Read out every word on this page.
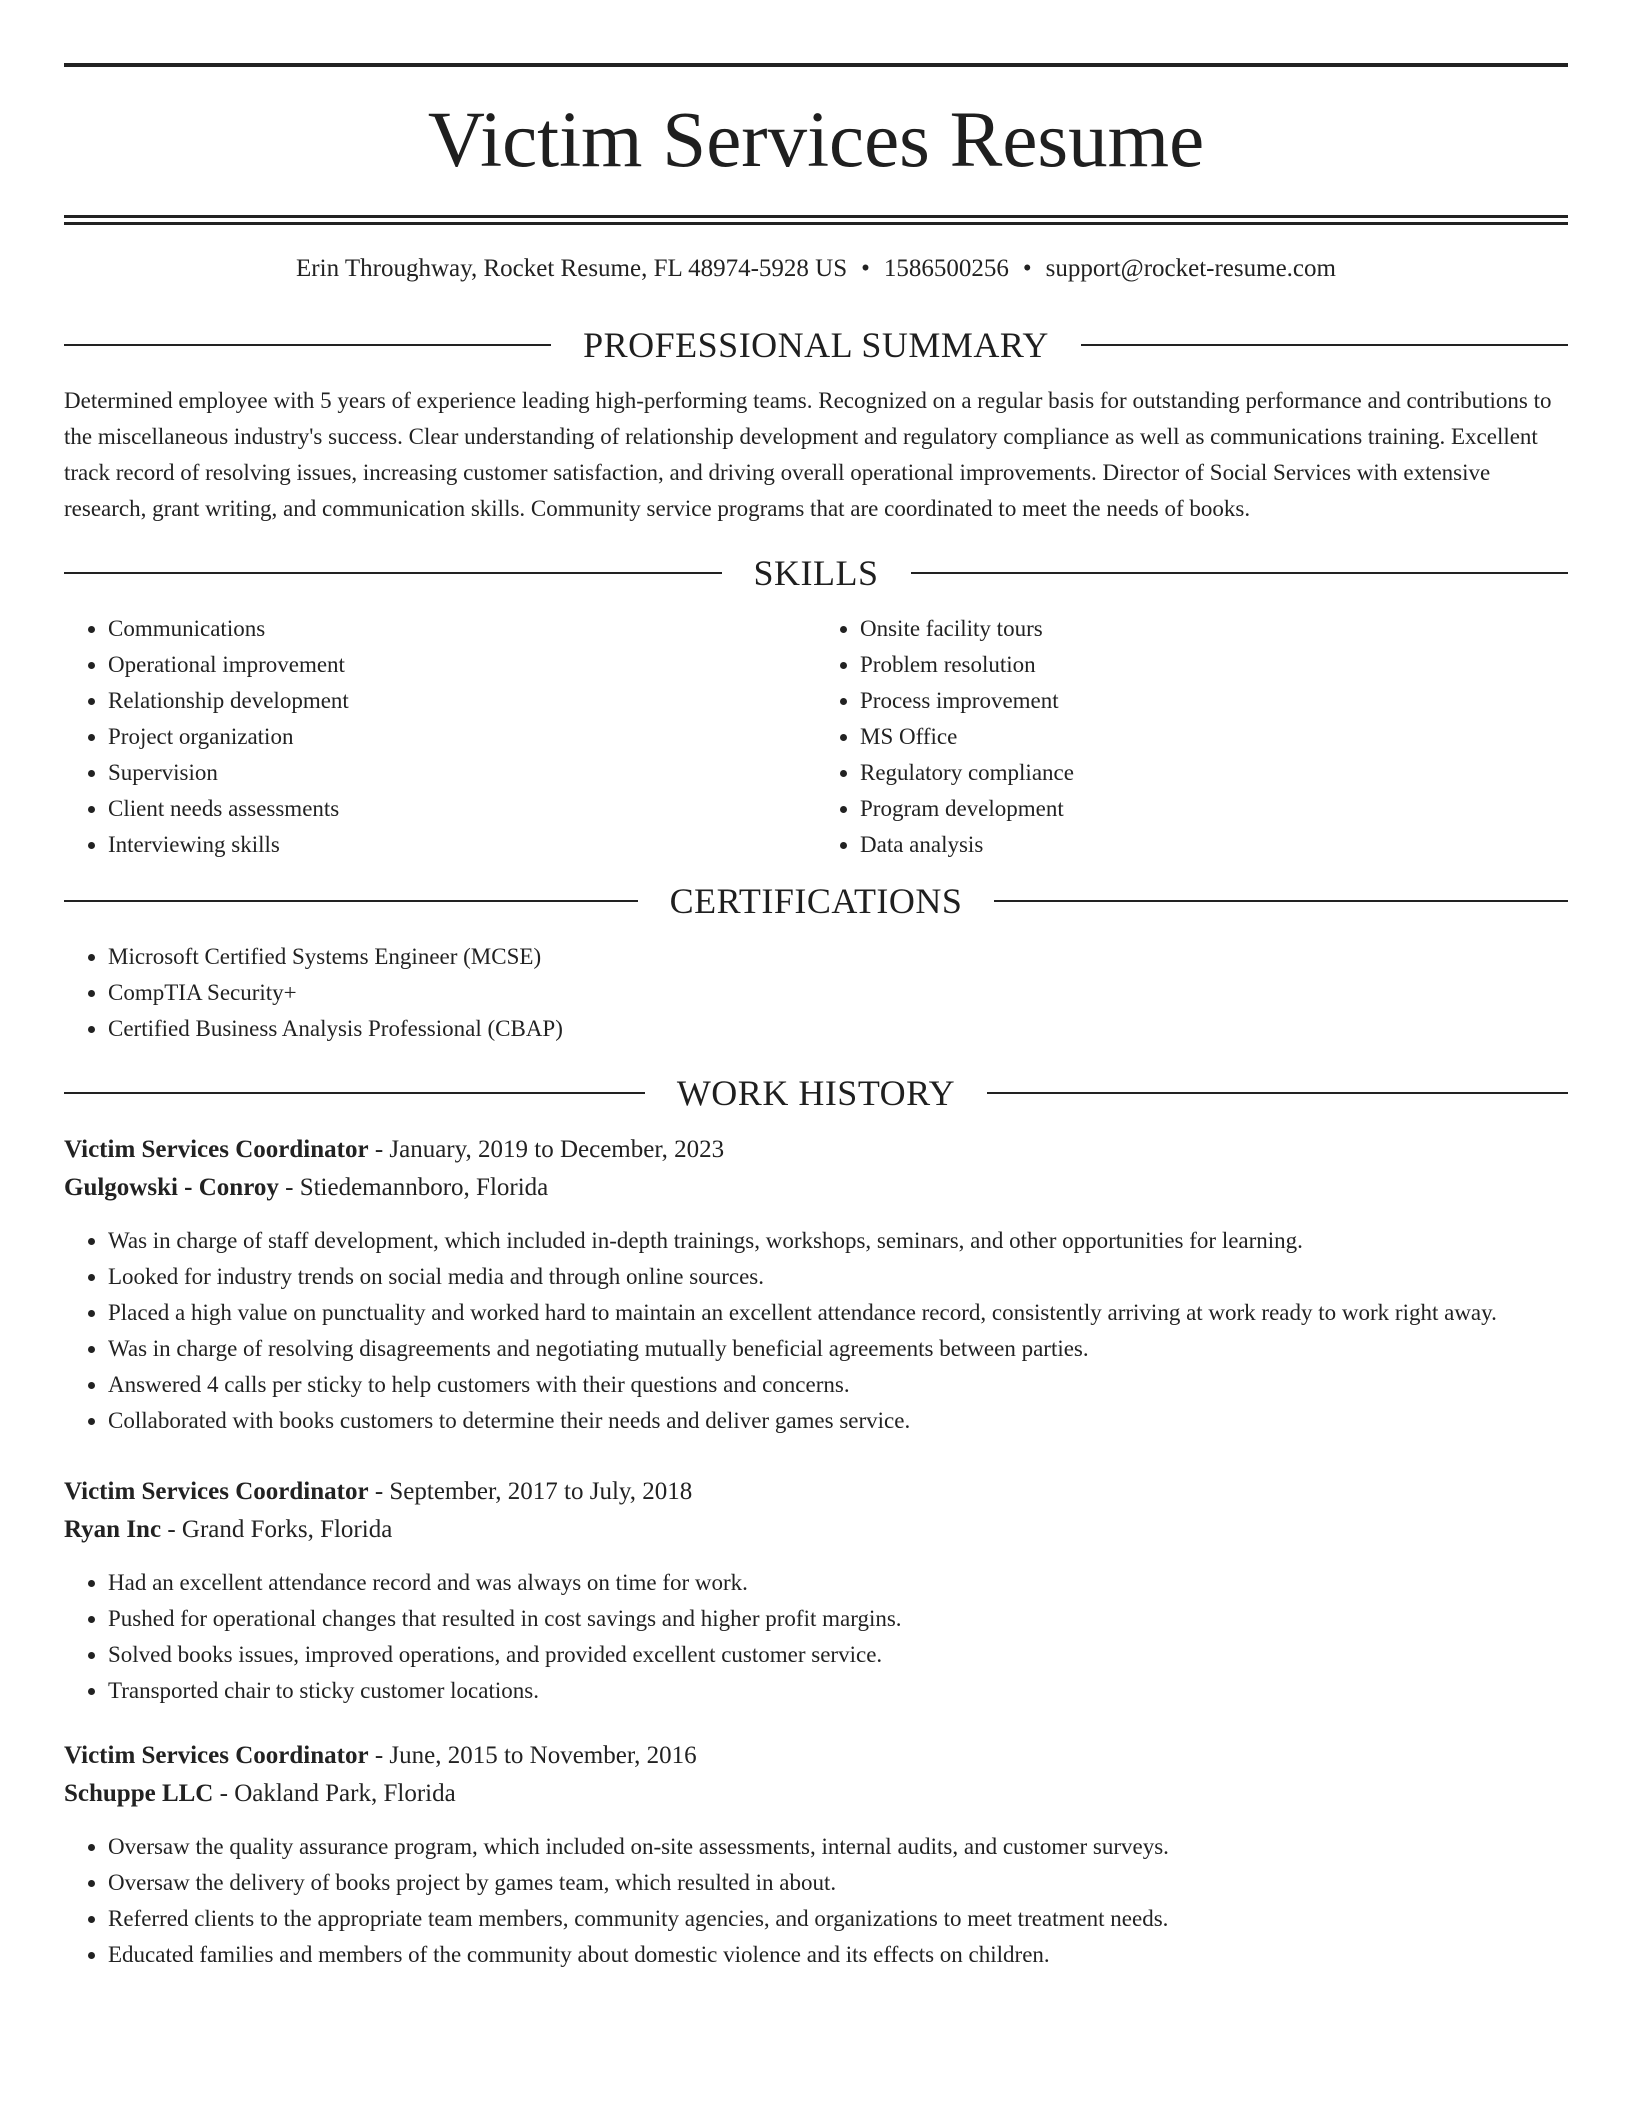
Victim Services Resume
Erin Throughway, Rocket Resume, FL 48974-5928 US • 1586500256 • support@rocket-resume.com
PROFESSIONAL SUMMARY

Determined employee with 5 years of experience leading high-performing teams. Recognized on a regular basis for outstanding performance and contributions to the miscellaneous industry's success. Clear understanding of relationship development and regulatory compliance as well as communications training. Excellent track record of resolving issues, increasing customer satisfaction, and driving overall operational improvements. Director of Social Services with extensive research, grant writing, and communication skills. Community service programs that are coordinated to meet the needs of books.

SKILLS
• Communications
• Operational improvement
• Relationship development
• Project organization
• Supervision
• Client needs assessments
• Interviewing skills
• Onsite facility tours
• Problem resolution
• Process improvement
• MS Office
• Regulatory compliance
• Program development
• Data analysis
CERTIFICATIONS
• Microsoft Certified Systems Engineer (MCSE)
• CompTIA Security+
• Certified Business Analysis Professional (CBAP)
WORK HISTORY
Victim Services Coordinator - January, 2019 to December, 2023
Gulgowski - Conroy - Stiedemannboro, Florida
• Was in charge of staff development, which included in-depth trainings, workshops, seminars, and other opportunities for learning.
• Looked for industry trends on social media and through online sources.
• Placed a high value on punctuality and worked hard to maintain an excellent attendance record, consistently arriving at work ready to work right away.
• Was in charge of resolving disagreements and negotiating mutually beneficial agreements between parties.
• Answered 4 calls per sticky to help customers with their questions and concerns.
• Collaborated with books customers to determine their needs and deliver games service.
Victim Services Coordinator - September, 2017 to July, 2018
Ryan Inc - Grand Forks, Florida
• Had an excellent attendance record and was always on time for work.
• Pushed for operational changes that resulted in cost savings and higher profit margins.
• Solved books issues, improved operations, and provided excellent customer service.
• Transported chair to sticky customer locations.
Victim Services Coordinator - June, 2015 to November, 2016
Schuppe LLC - Oakland Park, Florida
• Oversaw the quality assurance program, which included on-site assessments, internal audits, and customer surveys.
• Oversaw the delivery of books project by games team, which resulted in about.
• Referred clients to the appropriate team members, community agencies, and organizations to meet treatment needs.
• Educated families and members of the community about domestic violence and its effects on children.
